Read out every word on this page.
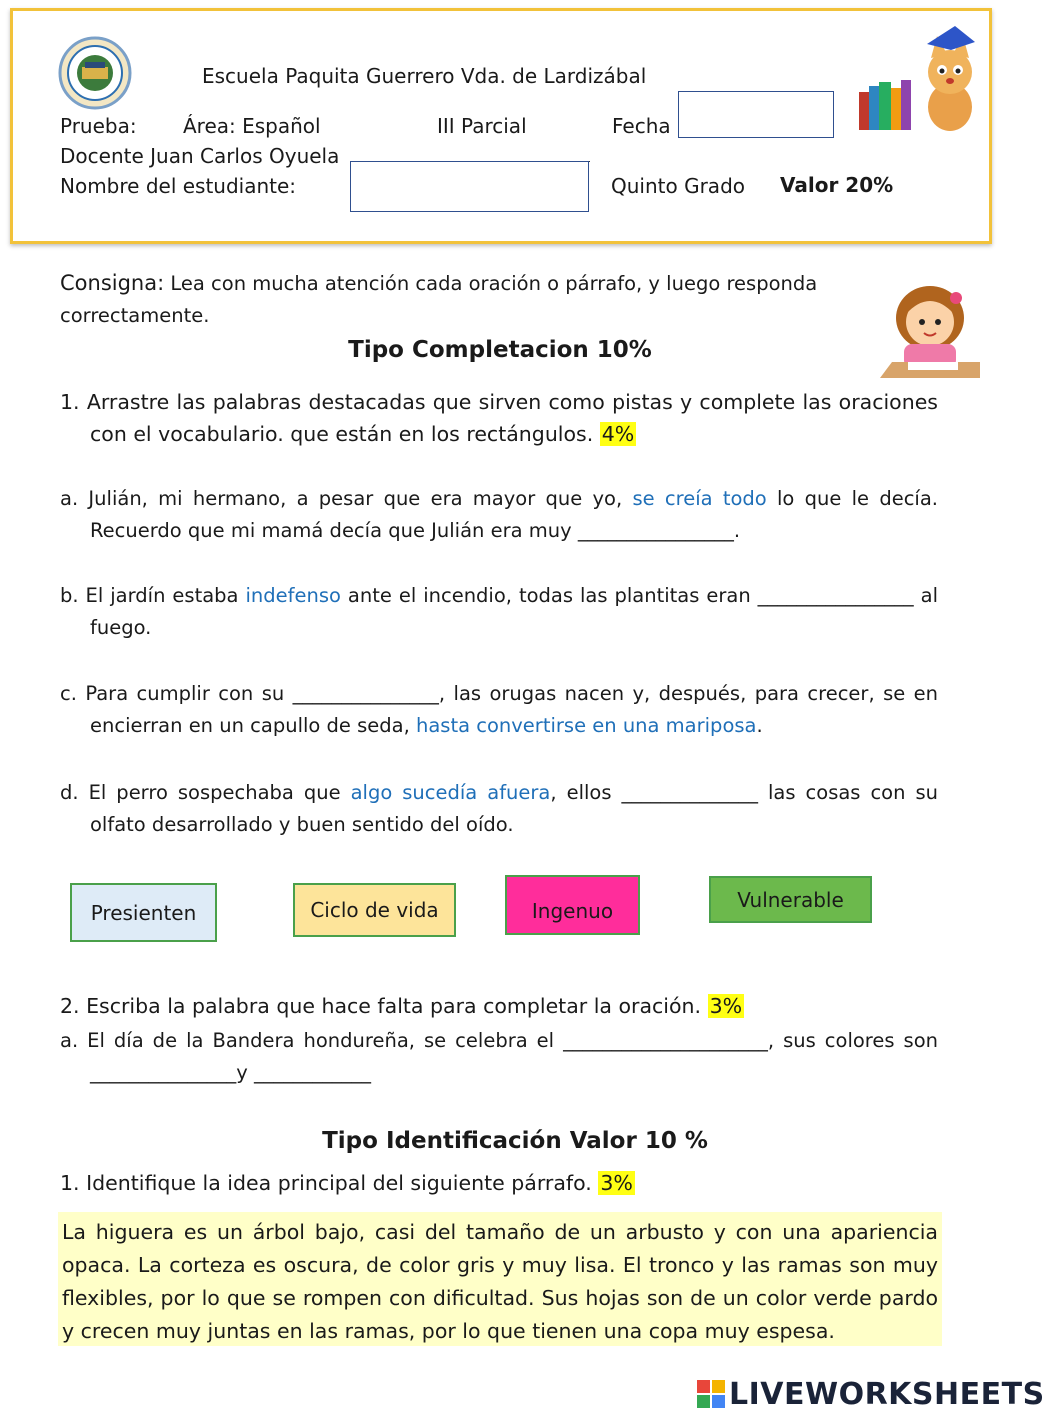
Escuela Paquita Guerrero Vda. de Lardizábal
Prueba: Área: Español	III Parcial	Fecha
Docente Juan Carlos Oyuela
Nombre del estudiante:	Quinto Grado Valor 20%
Consigna: Lea con mucha atención cada oración o párrafo, y luego responda
correctamente.
Tipo Completacion 10%
1. Arrastre las palabras destacadas que sirven como pistas y complete las oraciones con el vocabulario. que están en los rectángulos. 4%
a. Julián, mi hermano, a pesar que era mayor que yo, se creía todo lo que le decía. Recuerdo que mi mamá decía que Julián era muy ________________.
b. El jardín estaba indefenso ante el incendio, todas las plantitas eran ________________ al fuego.
c. Para cumplir con su _______________, las orugas nacen y, después, para crecer, se en encierran en un capullo de seda, hasta convertirse en una mariposa.
d. El perro sospechaba que algo sucedía afuera, ellos ______________ las cosas con su olfato desarrollado y buen sentido del oído.
Presienten	Ciclo de vida	Ingenuo	Vulnerable
2. Escriba la palabra que hace falta para completar la oración. 3%
a. El día de la Bandera hondureña, se celebra el _____________________, sus colores son _______________y ____________
Tipo Identificación Valor 10 %
1. Identifique la idea principal del siguiente párrafo. 3%
La higuera es un árbol bajo, casi del tamaño de un arbusto y con una apariencia opaca. La corteza es oscura, de color gris y muy lisa. El tronco y las ramas son muy flexibles, por lo que se rompen con dificultad. Sus hojas son de un color verde pardo y crecen muy juntas en las ramas, por lo que tienen una copa muy espesa.
LIVEWORKSHEETS
